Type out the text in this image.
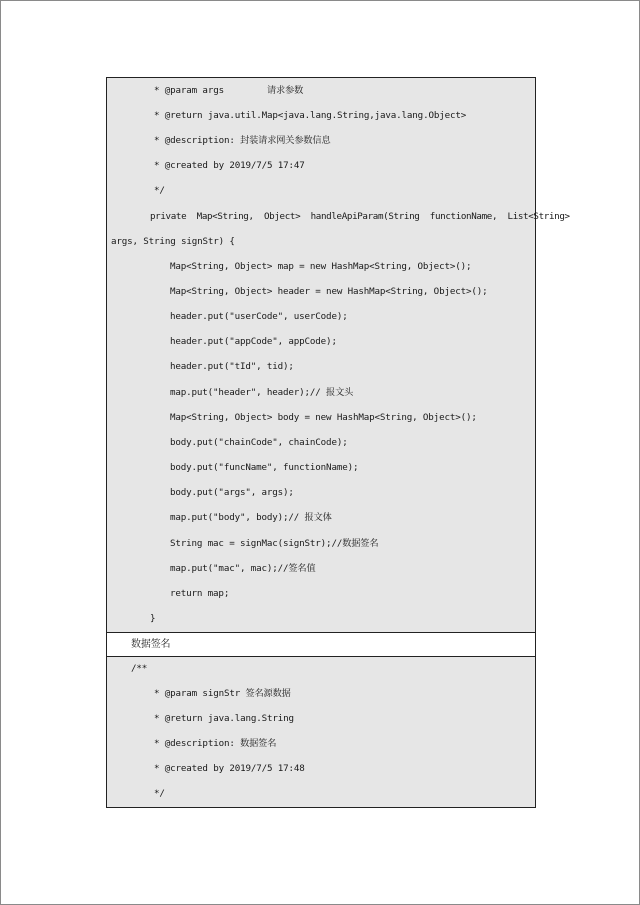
* @param args        请求参数
* @return java.util.Map<java.lang.String,java.lang.Object>
* @description: 封装请求网关参数信息
* @created by 2019/7/5 17:47
*/
private  Map<String,  Object>  handleApiParam(String  functionName,  List<String>
args, String signStr) {
Map<String, Object> map = new HashMap<String, Object>();
Map<String, Object> header = new HashMap<String, Object>();
header.put("userCode", userCode);
header.put("appCode", appCode);
header.put("tId", tid);
map.put("header", header);// 报文头
Map<String, Object> body = new HashMap<String, Object>();
body.put("chainCode", chainCode);
body.put("funcName", functionName);
body.put("args", args);
map.put("body", body);// 报文体
String mac = signMac(signStr);//数据签名
map.put("mac", mac);//签名值
return map;
}
数据签名
/**
* @param signStr 签名源数据
* @return java.lang.String
* @description: 数据签名
* @created by 2019/7/5 17:48
*/
